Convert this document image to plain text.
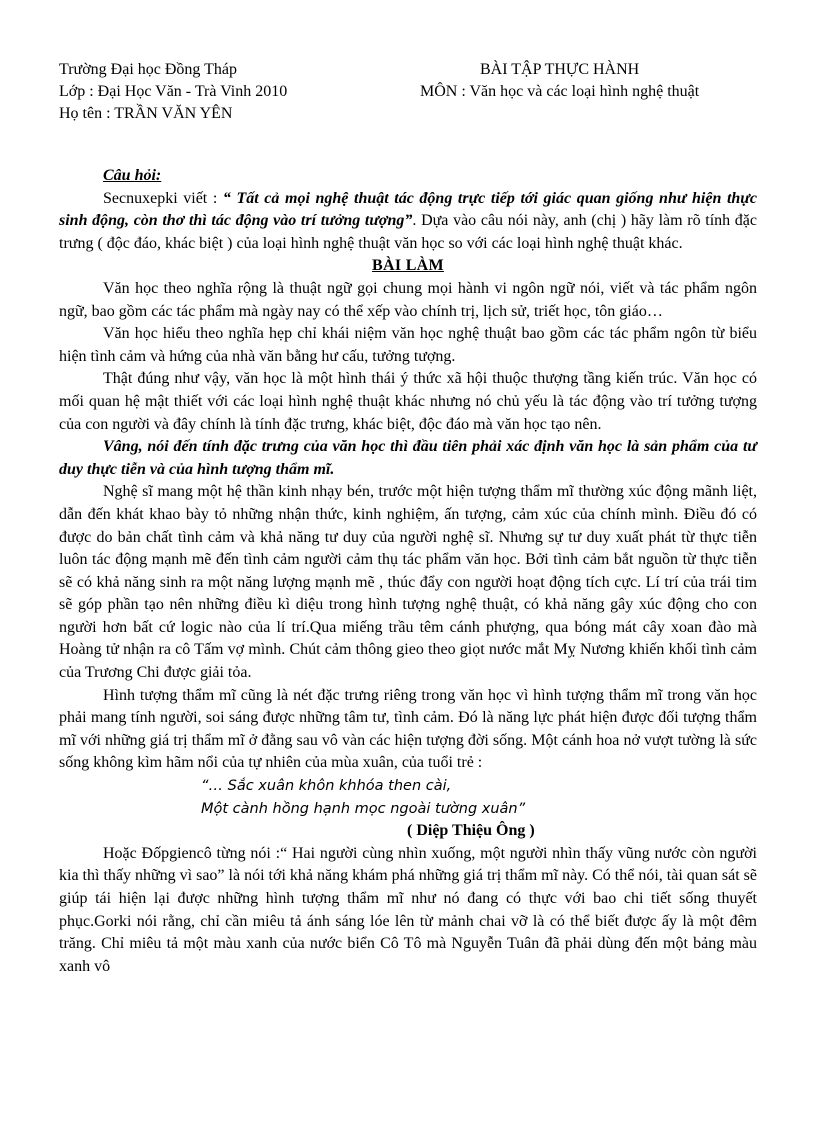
Trường Đại học Đồng Tháp
Lớp : Đại Học Văn - Trà Vinh 2010
Họ tên : TRẦN VĂN YÊN
BÀI TẬP THỰC HÀNH
MÔN : Văn học và các loại hình nghệ thuật
Câu hỏi:

Secnuxepki viết : “ Tất cả mọi nghệ thuật tác động trực tiếp tới giác quan giống như hiện thực sinh động, còn thơ thì tác động vào trí tưởng tượng”. Dựa vào câu nói này, anh (chị ) hãy làm rõ tính đặc trưng ( độc đáo, khác biệt ) của loại hình nghệ thuật văn học so với các loại hình nghệ thuật khác.

BÀI LÀM

Văn học theo nghĩa rộng là thuật ngữ gọi chung mọi hành vi ngôn ngữ nói, viết và tác phẩm ngôn ngữ, bao gồm các tác phẩm mà ngày nay có thể xếp vào chính trị, lịch sử, triết học, tôn giáo…

Văn học hiểu theo nghĩa hẹp chỉ khái niệm văn học nghệ thuật bao gồm các tác phẩm ngôn từ biểu hiện tình cảm và hứng của nhà văn bằng hư cấu, tưởng tượng.

Thật đúng như vậy, văn học là một hình thái ý thức xã hội thuộc thượng tầng kiến trúc. Văn học có mối quan hệ mật thiết với các loại hình nghệ thuật khác nhưng nó chủ yếu là tác động vào trí tưởng tượng của con người và đây chính là tính đặc trưng, khác biệt, độc đáo mà văn học tạo nên.

Vâng, nói đến tính đặc trưng của văn học thì đầu tiên phải xác định văn học là sản phẩm của tư duy thực tiễn và của hình tượng thẩm mĩ.

Nghệ sĩ mang một hệ thần kinh nhạy bén, trước một hiện tượng thẩm mĩ thường xúc động mãnh liệt, dẫn đến khát khao bày tỏ những nhận thức, kinh nghiệm, ấn tượng, cảm xúc của chính mình. Điều đó có được do bản chất tình cảm và khả năng tư duy của người nghệ sĩ. Nhưng sự tư duy xuất phát từ thực tiễn luôn tác động mạnh mẽ đến tình cảm người cảm thụ tác phẩm văn học. Bởi tình cảm bắt nguồn từ thực tiễn sẽ có khả năng sinh ra một năng lượng mạnh mẽ , thúc đẩy con người hoạt động tích cực. Lí trí của trái tim sẽ góp phần tạo nên những điều kì diệu trong hình tượng nghệ thuật, có khả năng gây xúc động cho con người hơn bất cứ logic nào của lí trí.Qua miếng trầu têm cánh phượng, qua bóng mát cây xoan đào mà Hoàng tử nhận ra cô Tấm vợ mình. Chút cảm thông gieo theo giọt nước mắt Mỵ Nương khiến khối tình cảm của Trương Chi được giải tỏa.

Hình tượng thẩm mĩ cũng là nét đặc trưng riêng trong văn học vì hình tượng thẩm mĩ trong văn học phải mang tính người, soi sáng được những tâm tư, tình cảm. Đó là năng lực phát hiện được đối tượng thẩm mĩ với những giá trị thẩm mĩ ở đằng sau vô vàn các hiện tượng đời sống. Một cánh hoa nở vượt tường là sức sống không kìm hãm nổi của tự nhiên của mùa xuân, của tuổi trẻ :

“… Sắc xuân khôn khhóa then cài,
Một cành hồng hạnh mọc ngoài tường xuân”
( Diệp Thiệu Ông )

Hoặc Đốpgiencô từng nói :“ Hai người cùng nhìn xuống, một người nhìn thấy vũng nước còn người kia thì thấy những vì sao” là nói tới khả năng khám phá những giá trị thẩm mĩ này. Có thể nói, tài quan sát sẽ giúp tái hiện lại được những hình tượng thẩm mĩ như nó đang có thực với bao chi tiết sống thuyết phục.Gorki nói rằng, chỉ cần miêu tả ánh sáng lóe lên từ mảnh chai vỡ là có thể biết được ấy là một đêm trăng. Chỉ miêu tả một màu xanh của nước biển Cô Tô mà Nguyễn Tuân đã phải dùng đến một bảng màu xanh vô
